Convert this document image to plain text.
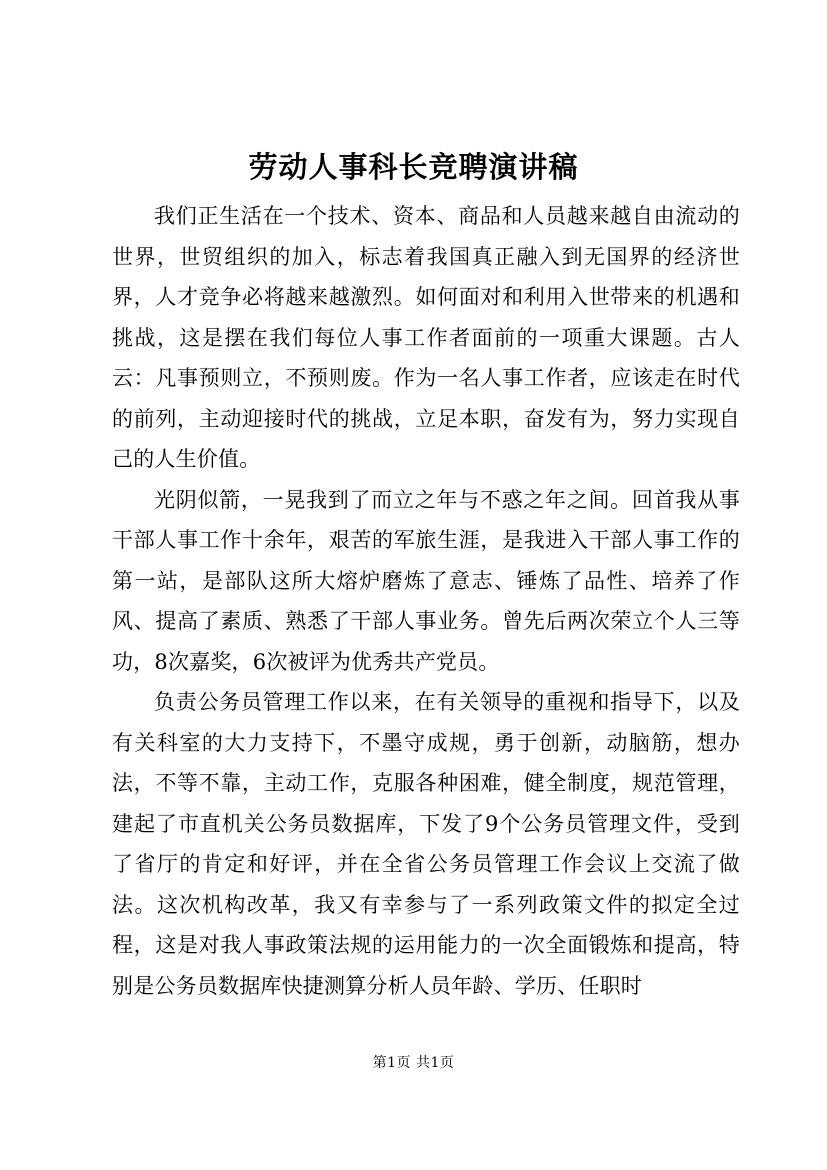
劳动人事科长竞聘演讲稿

我们正生活在一个技术、资本、商品和人员越来越自由流动的世界，世贸组织的加入，标志着我国真正融入到无国界的经济世界，人才竞争必将越来越激烈。如何面对和利用入世带来的机遇和挑战，这是摆在我们每位人事工作者面前的一项重大课题。古人云：凡事预则立，不预则废。作为一名人事工作者，应该走在时代的前列，主动迎接时代的挑战，立足本职，奋发有为，努力实现自己的人生价值。

光阴似箭，一晃我到了而立之年与不惑之年之间。回首我从事干部人事工作十余年，艰苦的军旅生涯，是我进入干部人事工作的第一站，是部队这所大熔炉磨炼了意志、锤炼了品性、培养了作风、提高了素质、熟悉了干部人事业务。曾先后两次荣立个人三等功，8次嘉奖，6次被评为优秀共产党员。

负责公务员管理工作以来，在有关领导的重视和指导下，以及有关科室的大力支持下，不墨守成规，勇于创新，动脑筋，想办法，不等不靠，主动工作，克服各种困难，健全制度，规范管理，建起了市直机关公务员数据库，下发了9个公务员管理文件，受到了省厅的肯定和好评，并在全省公务员管理工作会议上交流了做法。这次机构改革，我又有幸参与了一系列政策文件的拟定全过程，这是对我人事政策法规的运用能力的一次全面锻炼和提高，特别是公务员数据库快捷测算分析人员年龄、学历、任职时

第1页 共1页
